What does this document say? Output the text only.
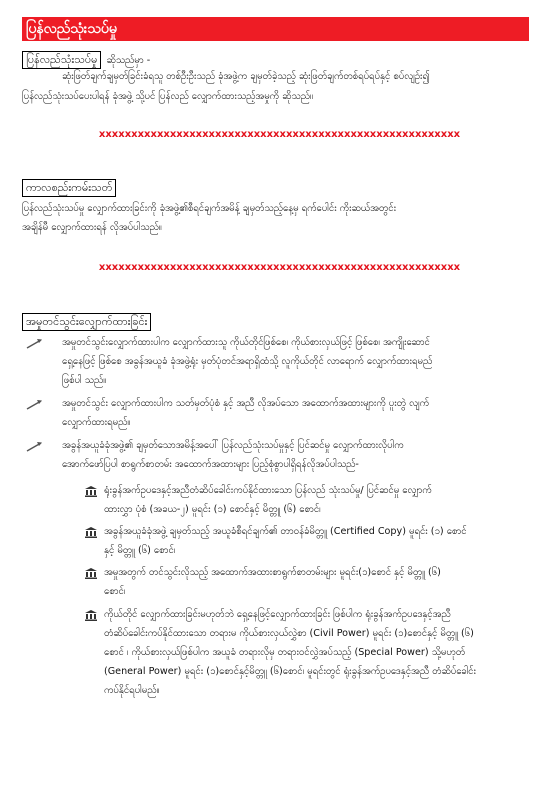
ပြန်လည်သုံးသပ်မှု
ပြန်လည်သုံးသပ်မှု ဆိုသည်မှာ -
ဆုံးဖြတ်ချက်ချမှတ်ခြင်းခံရသူ တစ်ဦးဦးသည် ခုံအဖွဲ့က ချမှတ်ခဲ့သည့် ဆုံးဖြတ်ချက်တစ်ရပ်ရပ်နှင့် စပ်လျဉ်း၍
ပြန်လည်သုံးသပ်ပေးပါရန် ခုံအဖွဲ့ သို့ပင် ပြန်လည် လျှောက်ထားသည့်အမှုကို ဆိုသည်။
xxxxxxxxxxxxxxxxxxxxxxxxxxxxxxxxxxxxxxxxxxxxxxxxxxxxxxxx
ကာလစည်းကမ်းသတ်
ပြန်လည်သုံးသပ်မှု လျှောက်ထားခြင်းကို ခုံအဖွဲ့၏စီရင်ချက်အမိန့် ချမှတ်သည့်နေ့မှ ရက်ပေါင်း ကိုးဆယ်အတွင်း
အချိန်မီ လျှောက်ထားရန် လိုအပ်ပါသည်။
xxxxxxxxxxxxxxxxxxxxxxxxxxxxxxxxxxxxxxxxxxxxxxxxxxxxxxxx
အမှုတင်သွင်းလျှောက်ထားခြင်း
အမှုတင်သွင်းလျှောက်ထားပါက လျှောက်ထားသူ ကိုယ်တိုင်ဖြစ်စေ၊ ကိုယ်စားလှယ်ဖြင့် ဖြစ်စေ၊ အကျိုးဆောင်
ရှေ့နေဖြင့် ဖြစ်စေ အခွန်အယူခံ ခုံအဖွဲ့ရုံး မှတ်ပုံတင်အရာရှိထံသို့ လူကိုယ်တိုင် လာရောက် လျှောက်ထားရမည်
ဖြစ်ပါ သည်။
အမှုတင်သွင်း လျှောက်ထားပါက သတ်မှတ်ပုံစံ နှင့် အညီ လိုအပ်သော အထောက်အထားများကို ပူးတွဲ လျက်
လျှောက်ထားရမည်။
အခွန်အယူခံခုံအဖွဲ့၏ ချမှတ်သောအမိန့်အပေါ် ပြန်လည်သုံးသပ်မှုနှင့် ပြင်ဆင်မှု လျှောက်ထားလိုပါက
အောက်ဖော်ပြပါ စာရွက်စာတမ်း အထောက်အထားများ ပြည့်စုံစွာပါရှိရန်လိုအပ်ပါသည်-
ရုံးခွန်အက်ဥပဒေနှင့်အညီတံဆိပ်ခေါင်းကပ်နိုင်ထားသော ပြန်လည် သုံးသပ်မှု/ ပြင်ဆင်မှု လျှောက်
ထားလွှာ ပုံစံ (အခယ-၂) မူရင်း (၁) စောင်နှင့် မိတ္တူ (၆) စောင်၊
အခွန်အယူခံခုံအဖွဲ့ ချမှတ်သည့် အယူခံစီရင်ချက်၏ တာဝန်ခံမိတ္တူ (Certified Copy) မူရင်း (၁) စောင်
နှင့် မိတ္တူ (၆) စောင်၊
အမှုအတွက် တင်သွင်းလိုသည့် အထောက်အထားစာရွက်စာတမ်းများ မူရင်း(၁)စောင် နှင့် မိတ္တူ (၆)
စောင်၊
ကိုယ်တိုင် လျှောက်ထားခြင်းမဟုတ်ဘဲ ရှေ့နေဖြင့်လျှောက်ထားခြင်း ဖြစ်ပါက ရုံးခွန်အက်ဥပဒေနှင့်အညီ
တံဆိပ်ခေါင်းကပ်နိုင်ထားသော တရားမ ကိုယ်စားလှယ်လွှဲစာ (Civil Power) မူရင်း (၁)စောင်နှင့် မိတ္တူ (၆)
စောင် ၊ ကိုယ်စားလှယ်ဖြစ်ပါက အယူခံ တရားလိုမှ တရားဝင်လွှဲအပ်သည့် (Special Power) သို့မဟုတ်
(General Power) မူရင်း (၁)စောင်နှင့်မိတ္တူ (၆)စောင်၊ မူရင်းတွင် ရုံးခွန်အက်ဥပဒေနှင့်အညီ တံဆိပ်ခေါင်း
ကပ်နိုင်ရပါမည်။
